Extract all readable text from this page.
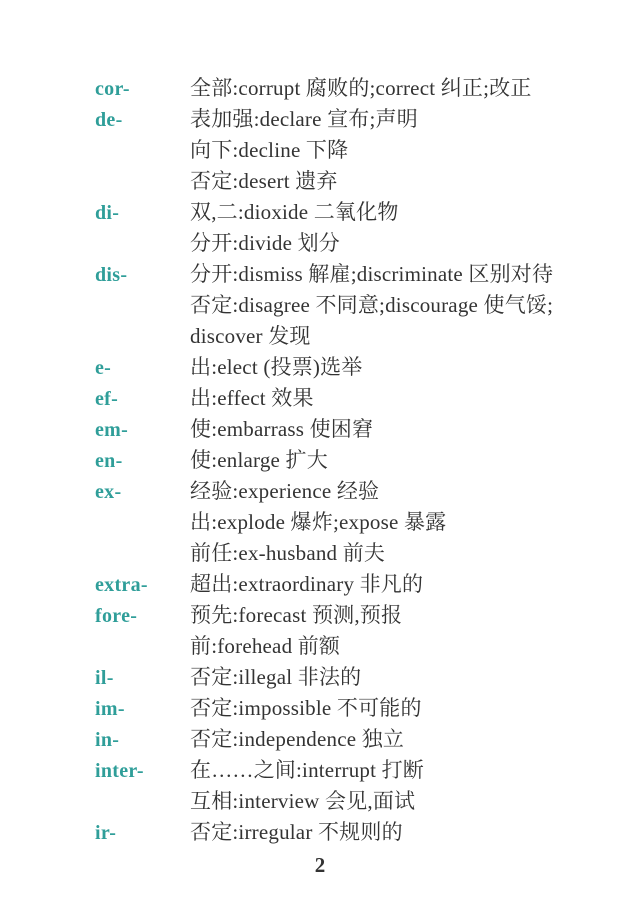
cor-	全部:corrupt 腐败的;correct 纠正;改正
de-	表加强:declare 宣布;声明
向下:decline 下降
否定:desert 遗弃
di-	双,二:dioxide 二氧化物
分开:divide 划分
dis-	分开:dismiss 解雇;discriminate 区别对待
否定:disagree 不同意;discourage 使气馁;
discover 发现
e-	出:elect (投票)选举
ef-	出:effect 效果
em-	使:embarrass 使困窘
en-	使:enlarge 扩大
ex-	经验:experience 经验
出:explode 爆炸;expose 暴露
前任:ex-husband 前夫
extra-	超出:extraordinary 非凡的
fore-	预先:forecast 预测,预报
前:forehead 前额
il-	否定:illegal 非法的
im-	否定:impossible 不可能的
in-	否定:independence 独立
inter-	在……之间:interrupt 打断
互相:interview 会见,面试
ir-	否定:irregular 不规则的
2
